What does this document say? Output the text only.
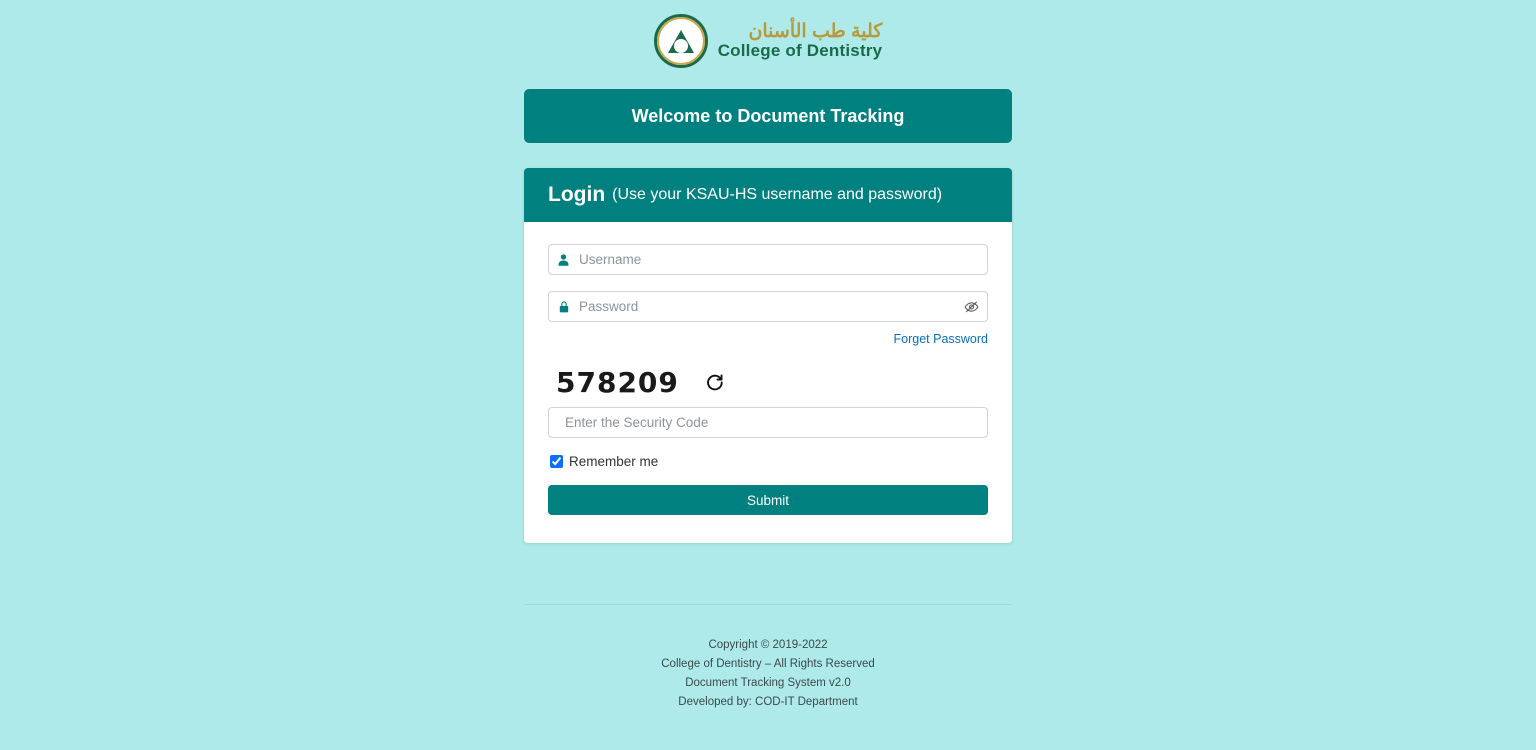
كلية طب الأسنان
College of Dentistry
Welcome to Document Tracking
Login (Use your KSAU-HS username and password)
Username
Forget Password
578209
Enter the Security Code
Remember me
Submit
Copyright © 2019-2022
College of Dentistry – All Rights Reserved
Document Tracking System v2.0
Developed by: COD-IT Department
